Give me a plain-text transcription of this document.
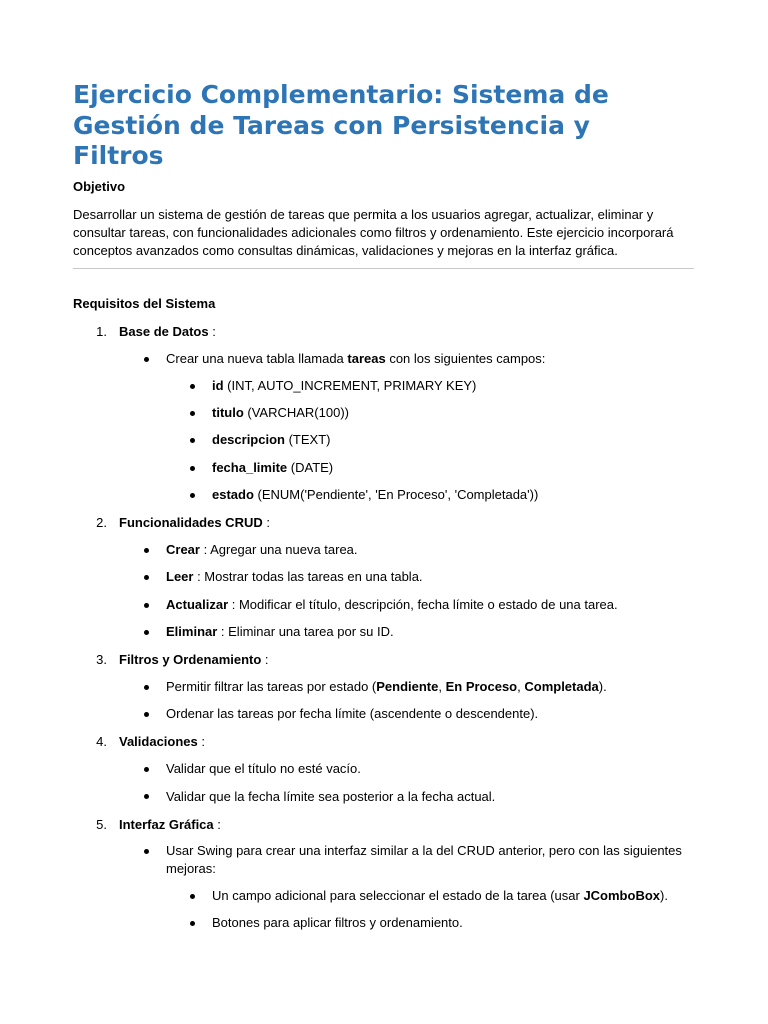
Ejercicio Complementario: Sistema de Gestión de Tareas con Persistencia y Filtros
Objetivo
Desarrollar un sistema de gestión de tareas que permita a los usuarios agregar, actualizar, eliminar y consultar tareas, con funcionalidades adicionales como filtros y ordenamiento. Este ejercicio incorporará conceptos avanzados como consultas dinámicas, validaciones y mejoras en la interfaz gráfica.
Requisitos del Sistema
1. Base de Datos :
Crear una nueva tabla llamada tareas con los siguientes campos:
id (INT, AUTO_INCREMENT, PRIMARY KEY)
titulo (VARCHAR(100))
descripcion (TEXT)
fecha_limite (DATE)
estado (ENUM('Pendiente', 'En Proceso', 'Completada'))
2. Funcionalidades CRUD :
Crear : Agregar una nueva tarea.
Leer : Mostrar todas las tareas en una tabla.
Actualizar : Modificar el título, descripción, fecha límite o estado de una tarea.
Eliminar : Eliminar una tarea por su ID.
3. Filtros y Ordenamiento :
Permitir filtrar las tareas por estado (Pendiente, En Proceso, Completada).
Ordenar las tareas por fecha límite (ascendente o descendente).
4. Validaciones :
Validar que el título no esté vacío.
Validar que la fecha límite sea posterior a la fecha actual.
5. Interfaz Gráfica :
Usar Swing para crear una interfaz similar a la del CRUD anterior, pero con las siguientes mejoras:
Un campo adicional para seleccionar el estado de la tarea (usar JComboBox).
Botones para aplicar filtros y ordenamiento.
